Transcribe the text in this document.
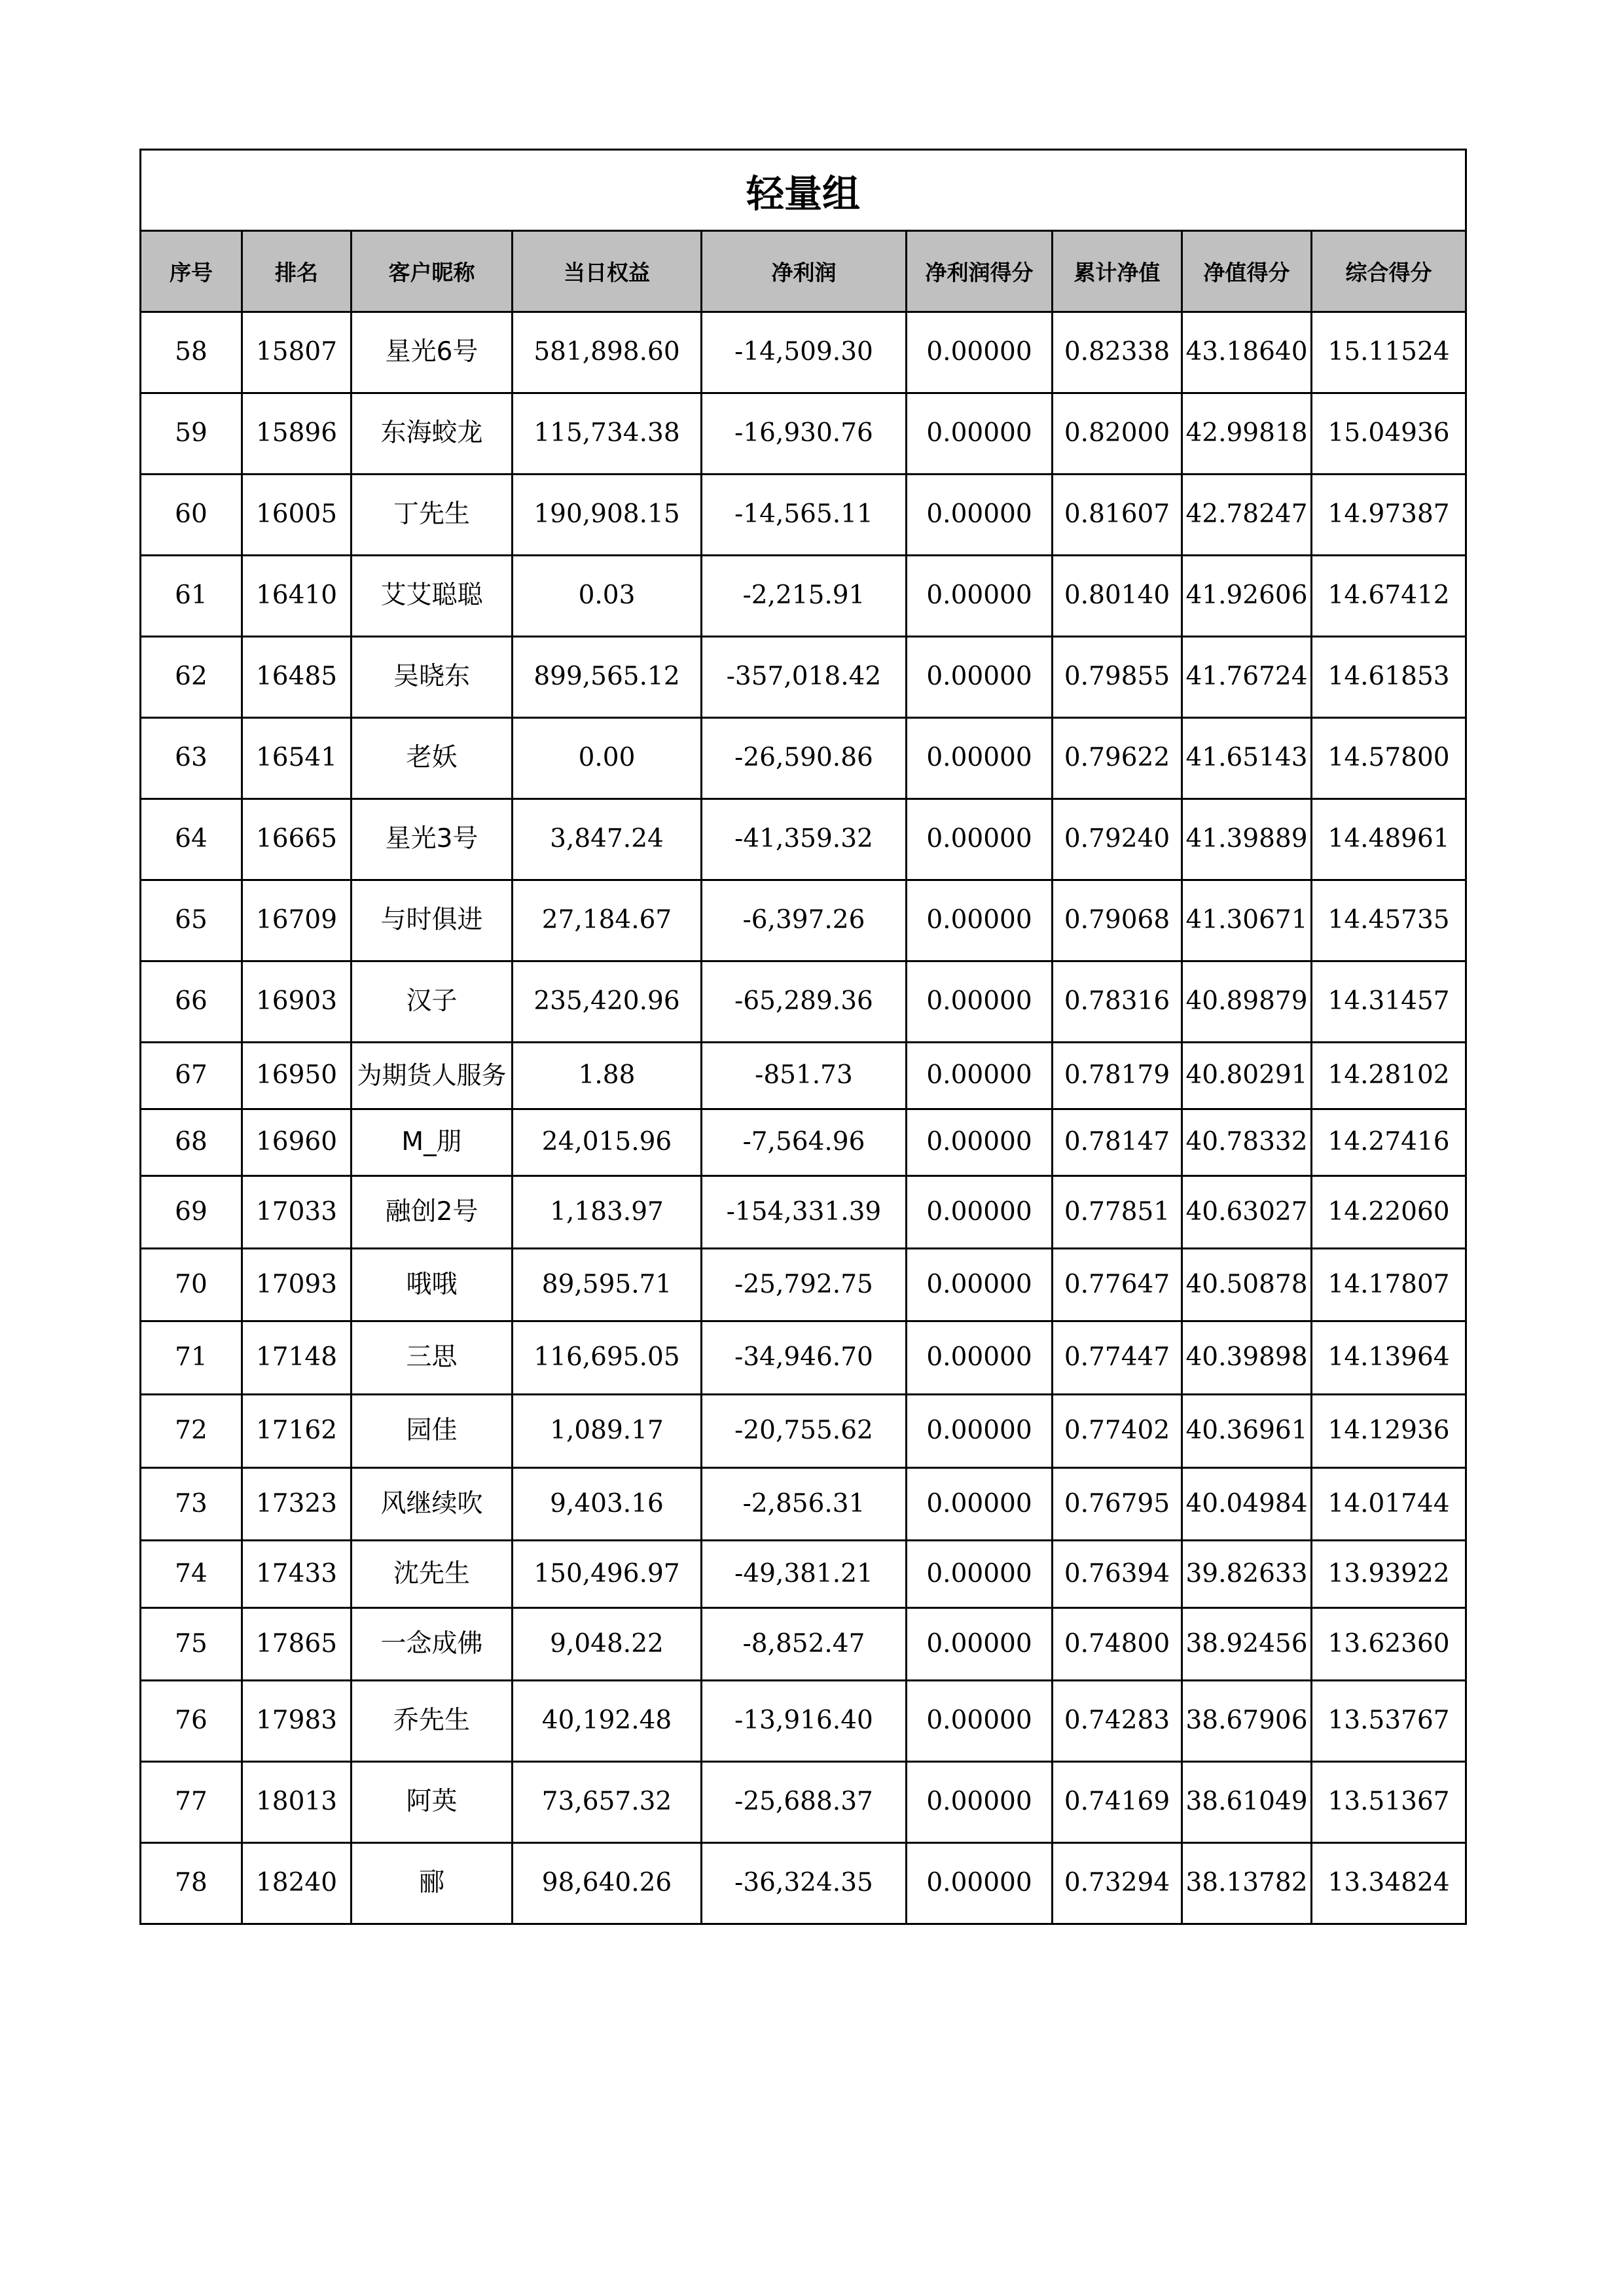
轻量组								
序号	排名	客户昵称	当日权益	净利润	净利润得分	累计净值	净值得分	综合得分
58	15807	星光6号	581,898.60	-14,509.30	0.00000	0.82338	43.18640	15.11524
59	15896	东海蛟龙	115,734.38	-16,930.76	0.00000	0.82000	42.99818	15.04936
60	16005	丁先生	190,908.15	-14,565.11	0.00000	0.81607	42.78247	14.97387
61	16410	艾艾聪聪	0.03	-2,215.91	0.00000	0.80140	41.92606	14.67412
62	16485	吴晓东	899,565.12	-357,018.42	0.00000	0.79855	41.76724	14.61853
63	16541	老妖	0.00	-26,590.86	0.00000	0.79622	41.65143	14.57800
64	16665	星光3号	3,847.24	-41,359.32	0.00000	0.79240	41.39889	14.48961
65	16709	与时俱进	27,184.67	-6,397.26	0.00000	0.79068	41.30671	14.45735
66	16903	汉子	235,420.96	-65,289.36	0.00000	0.78316	40.89879	14.31457
67	16950	为期货人服务	1.88	-851.73	0.00000	0.78179	40.80291	14.28102
68	16960	M_朋	24,015.96	-7,564.96	0.00000	0.78147	40.78332	14.27416
69	17033	融创2号	1,183.97	-154,331.39	0.00000	0.77851	40.63027	14.22060
70	17093	哦哦	89,595.71	-25,792.75	0.00000	0.77647	40.50878	14.17807
71	17148	三思	116,695.05	-34,946.70	0.00000	0.77447	40.39898	14.13964
72	17162	园佳	1,089.17	-20,755.62	0.00000	0.77402	40.36961	14.12936
73	17323	风继续吹	9,403.16	-2,856.31	0.00000	0.76795	40.04984	14.01744
74	17433	沈先生	150,496.97	-49,381.21	0.00000	0.76394	39.82633	13.93922
75	17865	一念成佛	9,048.22	-8,852.47	0.00000	0.74800	38.92456	13.62360
76	17983	乔先生	40,192.48	-13,916.40	0.00000	0.74283	38.67906	13.53767
77	18013	阿英	73,657.32	-25,688.37	0.00000	0.74169	38.61049	13.51367
78	18240	郦	98,640.26	-36,324.35	0.00000	0.73294	38.13782	13.34824
